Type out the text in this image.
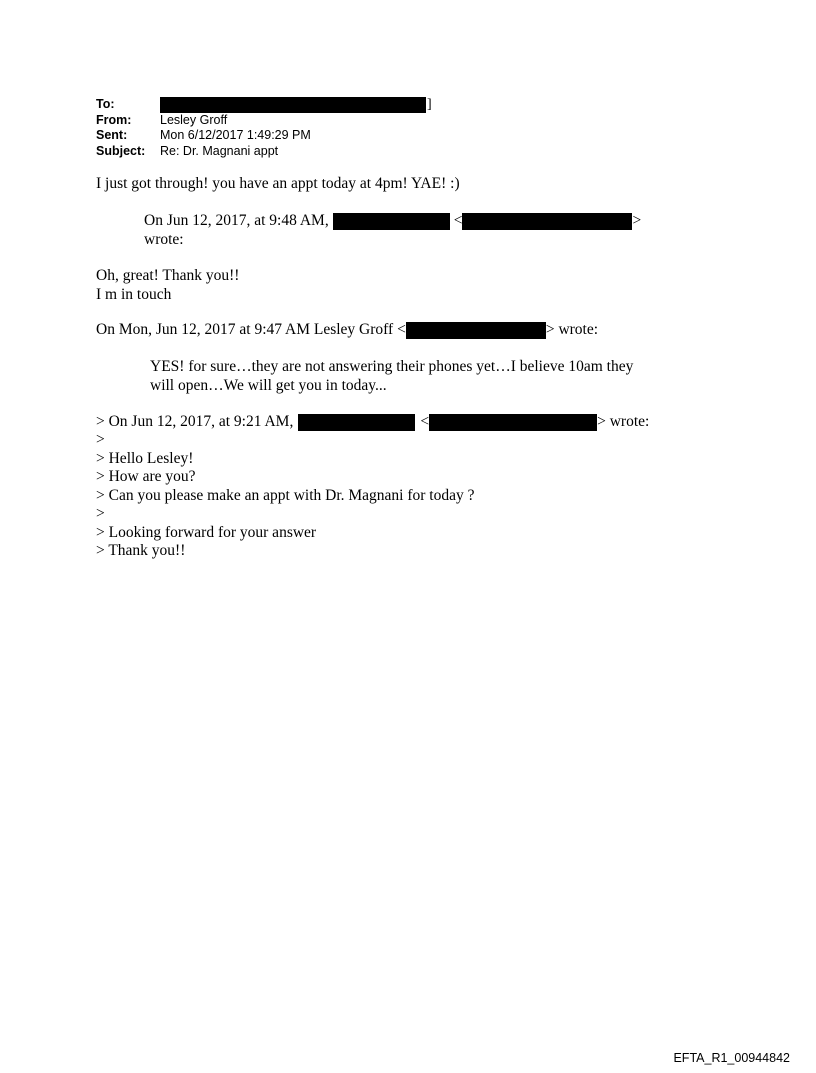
To:	]
From:	Lesley Groff
Sent:	Mon 6/12/2017 1:49:29 PM
Subject:	Re: Dr. Magnani appt
I just got through! you have an appt today at 4pm! YAE! :)
On Jun 12, 2017, at 9:48 AM,	<	>
wrote:
Oh, great! Thank you!!
I m in touch
On Mon, Jun 12, 2017 at 9:47 AM Lesley Groff <	> wrote:
YES! for sure…they are not answering their phones yet…I believe 10am they
will open…We will get you in today...
> On Jun 12, 2017, at 9:21 AM,	<	> wrote:
>
> Hello Lesley!
> How are you?
> Can you please make an appt with Dr. Magnani for today ?
>
> Looking forward for your answer
> Thank you!!
EFTA_R1_00944842
